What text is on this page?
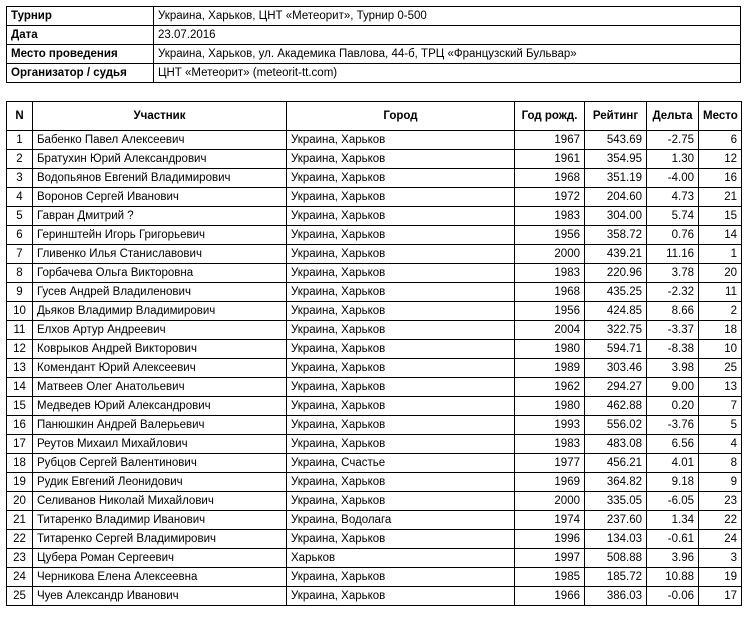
Турнир	Украина, Харьков, ЦНТ «Метеорит», Турнир 0-500
Дата	23.07.2016
Место проведения	Украина, Харьков, ул. Академика Павлова, 44-б, ТРЦ «Французский Бульвар»
Организатор / судья	ЦНТ «Метеорит» (meteorit-tt.com)
N	Участник	Город	Год рожд.	Рейтинг	Дельта	Место
1	Бабенко Павел Алексеевич	Украина, Харьков	1967	543.69	-2.75	6
2	Братухин Юрий Александрович	Украина, Харьков	1961	354.95	1.30	12
3	Водопьянов Евгений Владимирович	Украина, Харьков	1968	351.19	-4.00	16
4	Воронов Сергей Иванович	Украина, Харьков	1972	204.60	4.73	21
5	Гавран Дмитрий ?	Украина, Харьков	1983	304.00	5.74	15
6	Геринштейн Игорь Григорьевич	Украина, Харьков	1956	358.72	0.76	14
7	Гливенко Илья Станиславович	Украина, Харьков	2000	439.21	11.16	1
8	Горбачева Ольга Викторовна	Украина, Харьков	1983	220.96	3.78	20
9	Гусев Андрей Владиленович	Украина, Харьков	1968	435.25	-2.32	11
10	Дьяков Владимир Владимирович	Украина, Харьков	1956	424.85	8.66	2
11	Елхов Артур Андреевич	Украина, Харьков	2004	322.75	-3.37	18
12	Коврыков Андрей Викторович	Украина, Харьков	1980	594.71	-8.38	10
13	Комендант Юрий Алексеевич	Украина, Харьков	1989	303.46	3.98	25
14	Матвеев Олег Анатольевич	Украина, Харьков	1962	294.27	9.00	13
15	Медведев Юрий Александрович	Украина, Харьков	1980	462.88	0.20	7
16	Панюшкин Андрей Валерьевич	Украина, Харьков	1993	556.02	-3.76	5
17	Реутов Михаил Михайлович	Украина, Харьков	1983	483.08	6.56	4
18	Рубцов Сергей Валентинович	Украина, Счастье	1977	456.21	4.01	8
19	Рудик Евгений Леонидович	Украина, Харьков	1969	364.82	9.18	9
20	Селиванов Николай Михайлович	Украина, Харьков	2000	335.05	-6.05	23
21	Титаренко Владимир Иванович	Украина, Водолага	1974	237.60	1.34	22
22	Титаренко Сергей Владимирович	Украина, Харьков	1996	134.03	-0.61	24
23	Цубера Роман Сергеевич	Харьков	1997	508.88	3.96	3
24	Черникова Елена Алексеевна	Украина, Харьков	1985	185.72	10.88	19
25	Чуев Александр Иванович	Украина, Харьков	1966	386.03	-0.06	17
